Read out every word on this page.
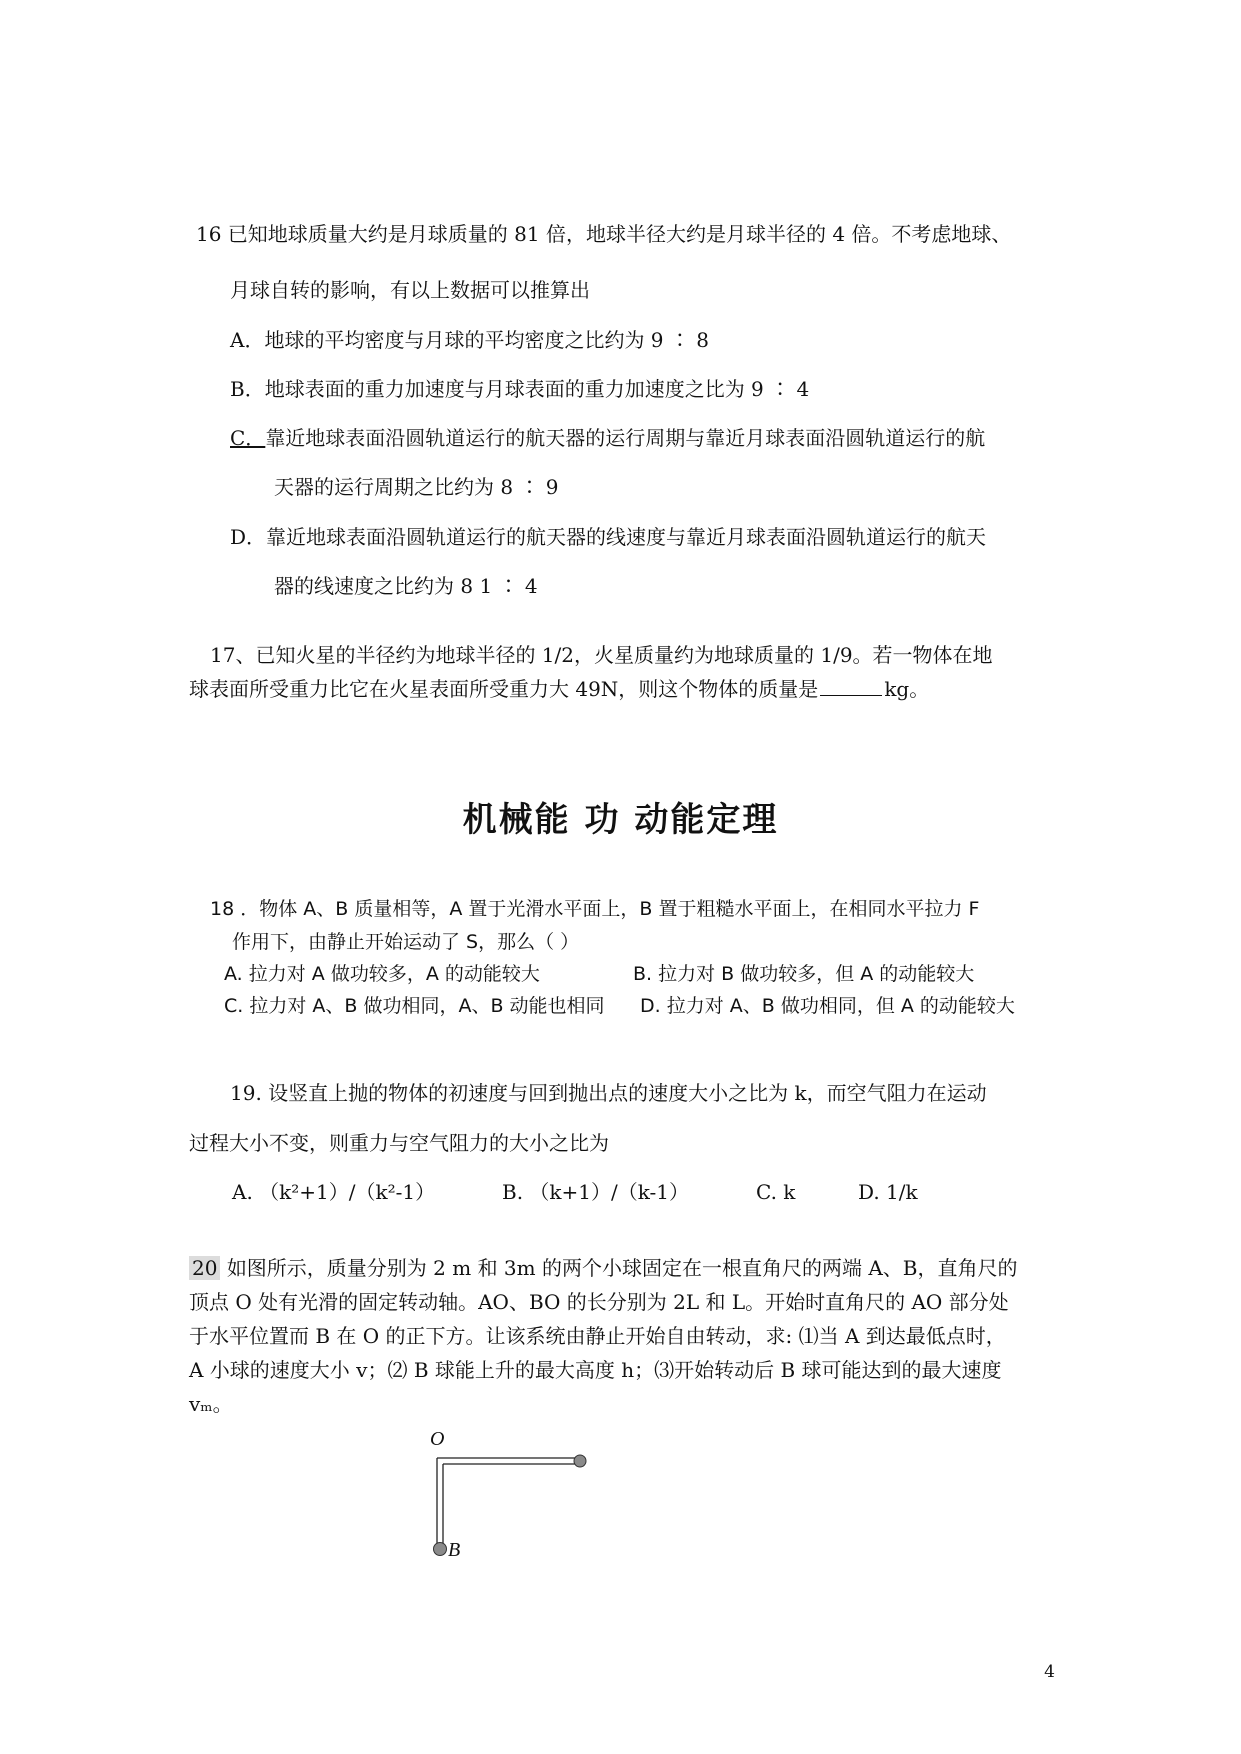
16 已知地球质量大约是月球质量的 81 倍，地球半径大约是月球半径的 4 倍。不考虑地球、
月球自转的影响，有以上数据可以推算出
A．地球的平均密度与月球的平均密度之比约为 9 ∶ 8
B．地球表面的重力加速度与月球表面的重力加速度之比为 9 ∶ 4
C．靠近地球表面沿圆轨道运行的航天器的运行周期与靠近月球表面沿圆轨道运行的航
天器的运行周期之比约为 8 ∶ 9
D．靠近地球表面沿圆轨道运行的航天器的线速度与靠近月球表面沿圆轨道运行的航天
器的线速度之比约为 8 1 ∶ 4
17、已知火星的半径约为地球半径的 1/2，火星质量约为地球质量的 1/9。若一物体在地
球表面所受重力比它在火星表面所受重力大 49N，则这个物体的质量是	kg。
机械能 功 动能定理
18 ．物体 A、B 质量相等，A 置于光滑水平面上，B 置于粗糙水平面上，在相同水平拉力 F
作用下，由静止开始运动了 S，那么（ ）
A. 拉力对 A 做功较多，A 的动能较大	B. 拉力对 B 做功较多，但 A 的动能较大
C. 拉力对 A、B 做功相同，A、B 动能也相同 D. 拉力对 A、B 做功相同，但 A 的动能较大
19. 设竖直上抛的物体的初速度与回到抛出点的速度大小之比为 k，而空气阻力在运动
过程大小不变，则重力与空气阻力的大小之比为
A. （k²+1）/（k²-1）	B. （k+1）/（k-1）	C. k	D. 1/k
20 如图所示，质量分别为 2 m 和 3m 的两个小球固定在一根直角尺的两端 A、B，直角尺的
顶点 O 处有光滑的固定转动轴。AO、BO 的长分别为 2L 和 L。开始时直角尺的 AO 部分处
于水平位置而 B 在 O 的正下方。让该系统由静止开始自由转动，求: ⑴当 A 到达最低点时，
A 小球的速度大小 v；⑵ B 球能上升的最大高度 h；⑶开始转动后 B 球可能达到的最大速度
vₘ。
O
B
4
